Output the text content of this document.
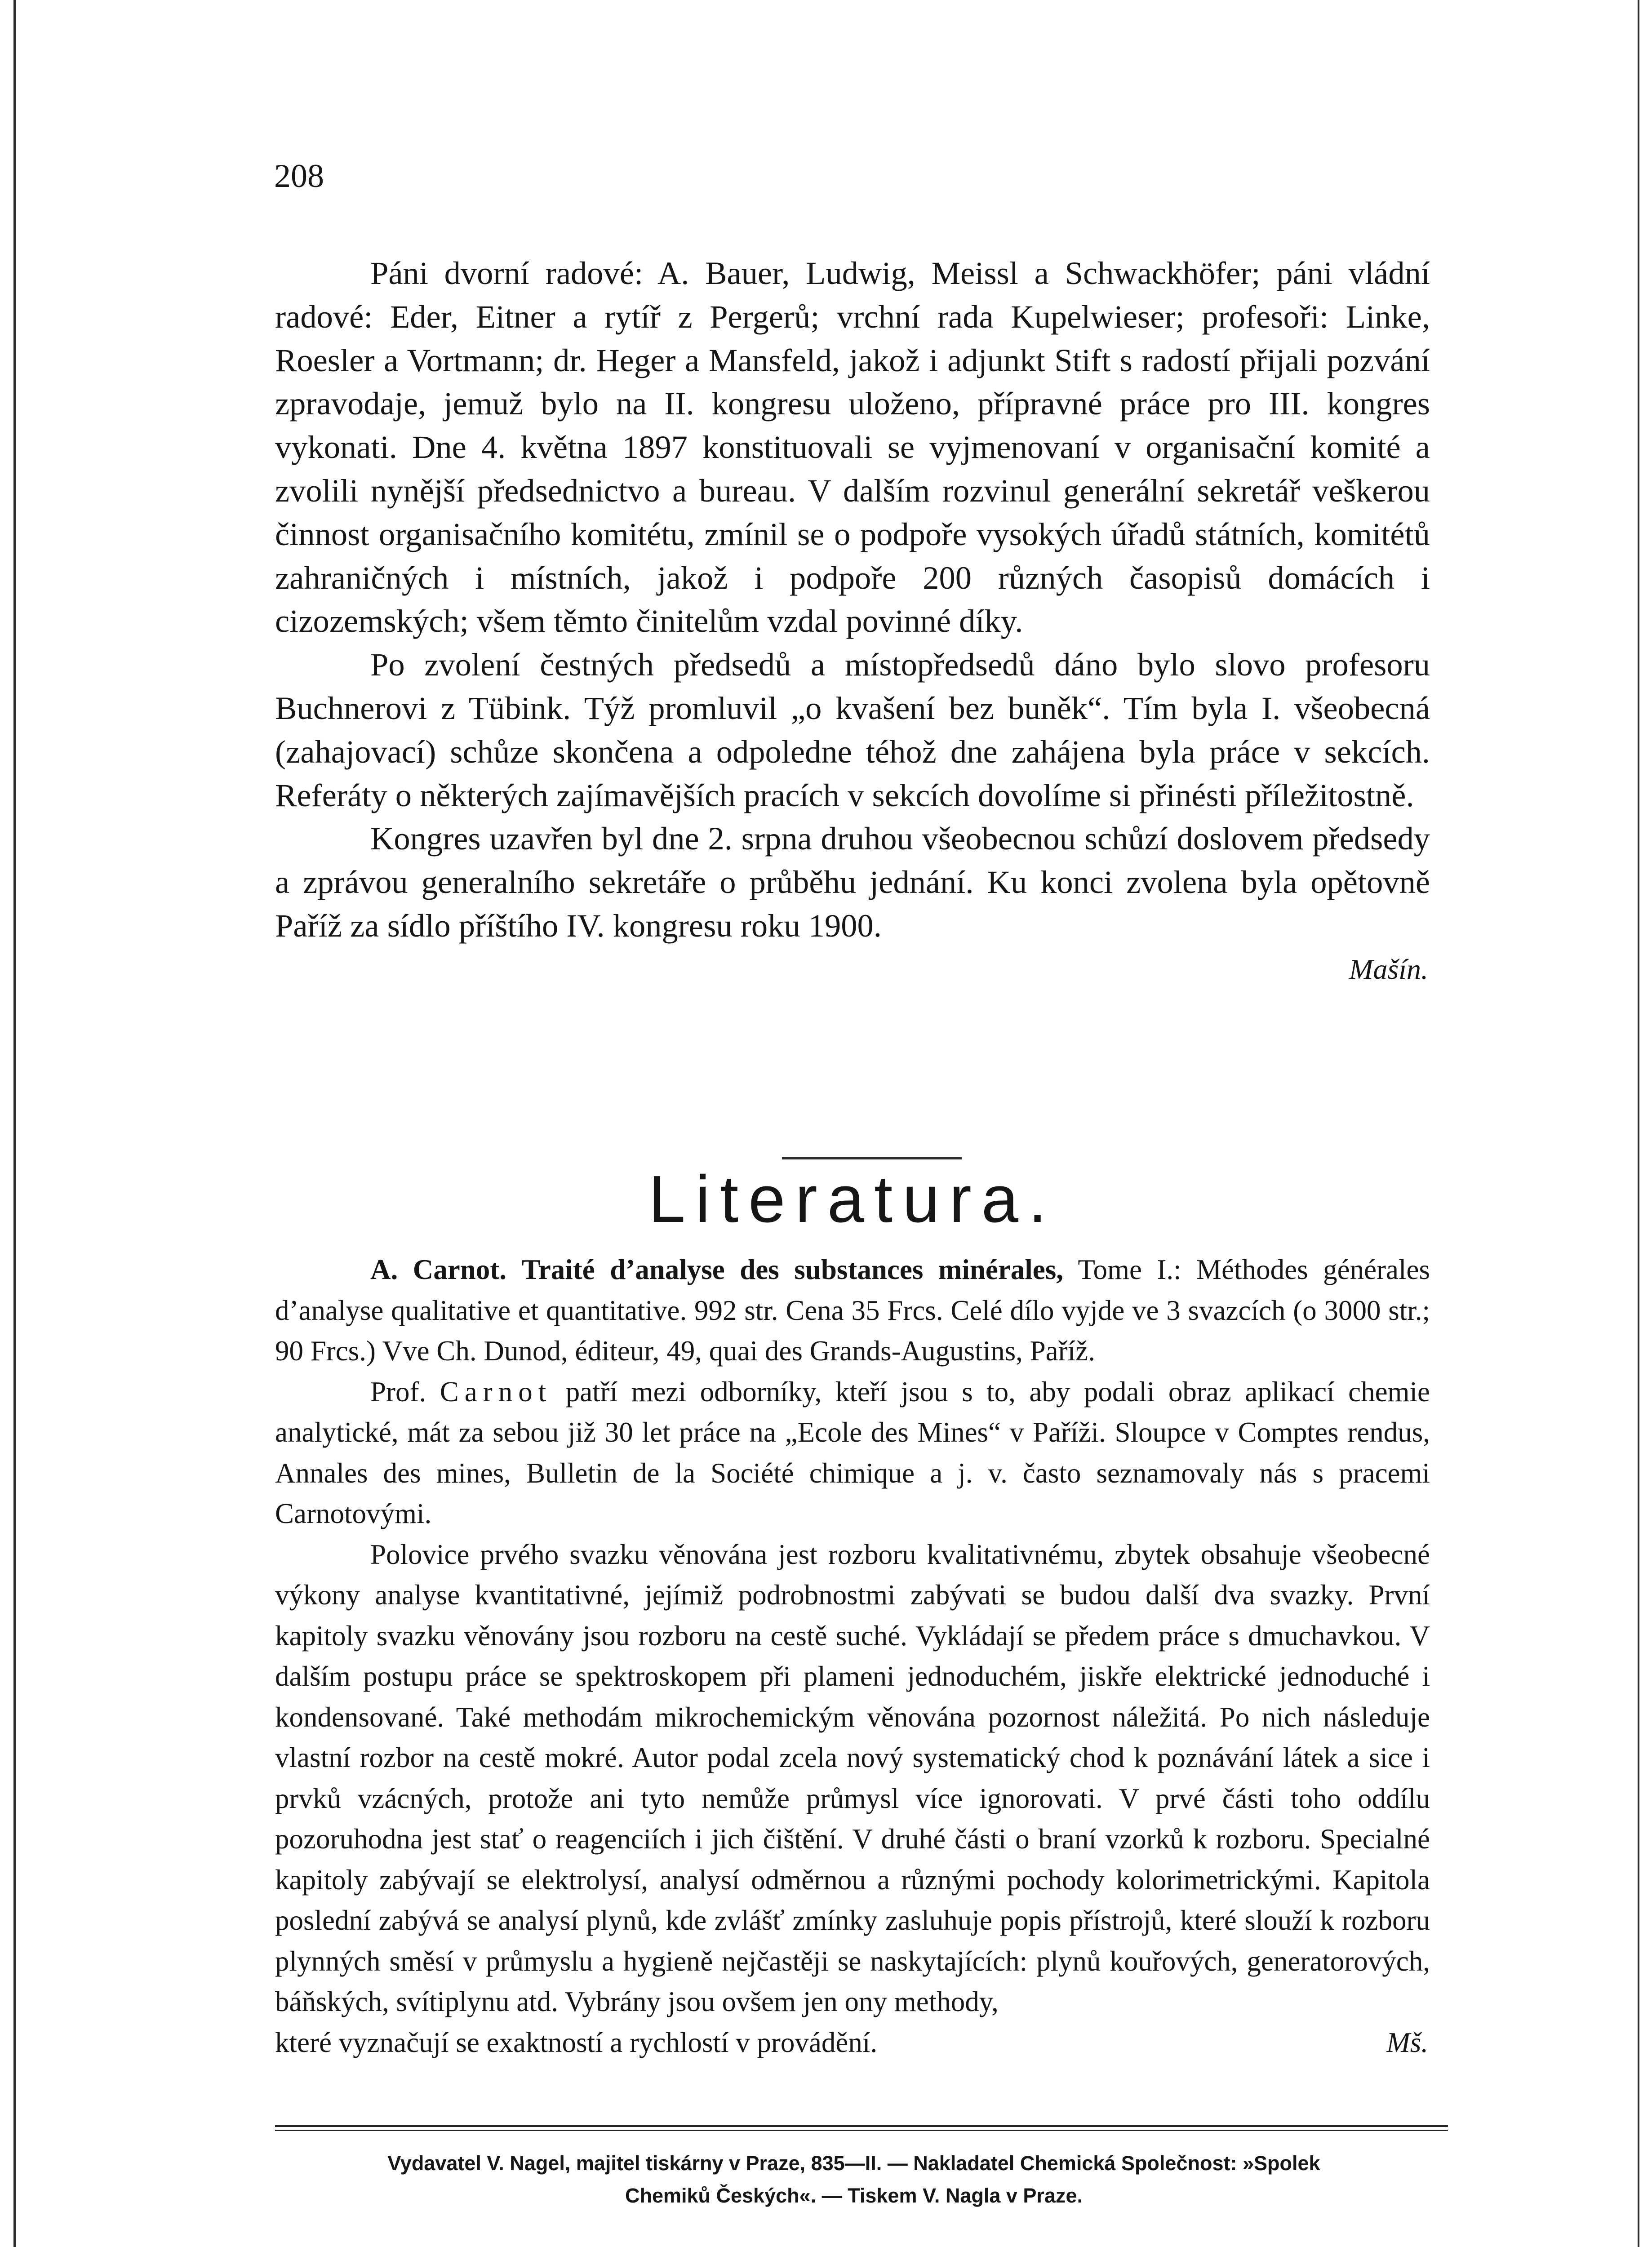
208

Páni dvorní radové: A. Bauer, Ludwig, Meissl a Schwackhöfer; páni vládní radové: Eder, Eitner a rytíř z Pergerů; vrchní rada Kupelwieser; profesoři: Linke, Roesler a Vortmann; dr. Heger a Mansfeld, jakož i adjunkt Stift s radostí přijali pozvání zpravodaje, jemuž bylo na II. kongresu uloženo, přípravné práce pro III. kongres vykonati. Dne 4. května 1897 konstituovali se vyjmenovaní v organisační komité a zvolili nynější předsednictvo a bureau. V dalším rozvinul generální sekretář veškerou činnost organisačního komitétu, zmínil se o podpoře vysokých úřadů státních, komitétů zahraničných i místních, jakož i podpoře 200 různých časopisů domácích i cizozemských; všem těmto činitelům vzdal povinné díky.

Po zvolení čestných předsedů a místopředsedů dáno bylo slovo profesoru Buchnerovi z Tübink. Týž promluvil „o kvašení bez buněk“. Tím byla I. všeobecná (zahajovací) schůze skončena a odpoledne téhož dne zahájena byla práce v sekcích. Referáty o některých zajímavějších pracích v sekcích dovolíme si přinésti příležitostně.

Kongres uzavřen byl dne 2. srpna druhou všeobecnou schůzí doslovem předsedy a zprávou generalního sekretáře o průběhu jednání. Ku konci zvolena byla opětovně Paříž za sídlo příštího IV. kongresu roku 1900.

Mašín.
Literatura.

A. Carnot. Traité d’analyse des substances minérales, Tome I.: Méthodes générales d’analyse qualitative et quantitative. 992 str. Cena 35 Frcs. Celé dílo vyjde ve 3 svazcích (o 3000 str.; 90 Frcs.) Vve Ch. Dunod, éditeur, 49, quai des Grands-Augustins, Paříž.

Prof. Carnot patří mezi odborníky, kteří jsou s to, aby podali obraz aplikací chemie analytické, mát za sebou již 30 let práce na „Ecole des Mines“ v Paříži. Sloupce v Comptes rendus, Annales des mines, Bulletin de la Société chimique a j. v. často seznamovaly nás s pracemi Carnotovými.

Polovice prvého svazku věnována jest rozboru kvalitativnému, zbytek obsahuje všeobecné výkony analyse kvantitativné, jejímiž podrobnostmi zabývati se budou další dva svazky. První kapitoly svazku věnovány jsou rozboru na cestě suché. Vykládají se předem práce s dmuchavkou. V dalším postupu práce se spektroskopem při plameni jednoduchém, jiskře elektrické jednoduché i kondensované. Také methodám mikrochemickým věnována pozornost náležitá. Po nich následuje vlastní rozbor na cestě mokré. Autor podal zcela nový systematický chod k poznávání látek a sice i prvků vzácných, protože ani tyto nemůže průmysl více ignorovati. V prvé části toho oddílu pozoruhodna jest stať o reagenciích i jich čištění. V druhé části o braní vzorků k rozboru. Specialné kapitoly zabývají se elektrolysí, analysí odměrnou a různými pochody kolorimetrickými. Kapitola poslední zabývá se analysí plynů, kde zvlášť zmínky zasluhuje popis přístrojů, které slouží k rozboru plynných směsí v průmyslu a hygieně nejčastěji se naskytajících: plynů kouřových, generatorových, báňských, svítiplynu atd. Vybrány jsou ovšem jen ony methody,

které vyznačují se exaktností a rychlostí v provádění.	Mš.
Vydavatel V. Nagel, majitel tiskárny v Praze, 835—II. — Nakladatel Chemická Společnost: »Spolek
Chemiků Českých«. — Tiskem V. Nagla v Praze.
